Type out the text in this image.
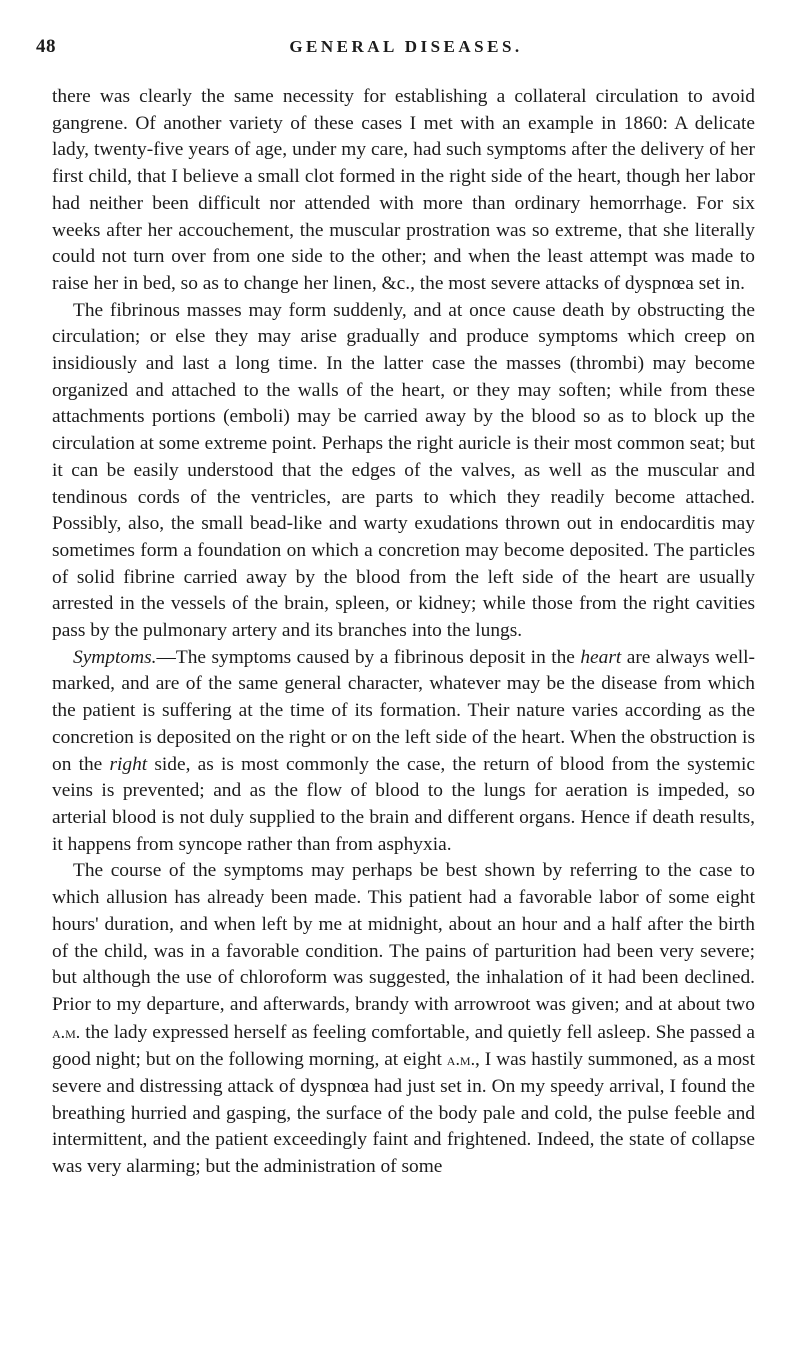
48	GENERAL DISEASES.

there was clearly the same necessity for establishing a collateral circulation to avoid gangrene. Of another variety of these cases I met with an example in 1860: A delicate lady, twenty-five years of age, under my care, had such symptoms after the delivery of her first child, that I believe a small clot formed in the right side of the heart, though her labor had neither been difficult nor attended with more than ordinary hemorrhage. For six weeks after her accouchement, the muscular prostration was so extreme, that she literally could not turn over from one side to the other; and when the least attempt was made to raise her in bed, so as to change her linen, &c., the most severe attacks of dyspnœa set in.

The fibrinous masses may form suddenly, and at once cause death by obstructing the circulation; or else they may arise gradually and produce symptoms which creep on insidiously and last a long time. In the latter case the masses (thrombi) may become organized and attached to the walls of the heart, or they may soften; while from these attachments portions (emboli) may be carried away by the blood so as to block up the circulation at some extreme point. Perhaps the right auricle is their most common seat; but it can be easily understood that the edges of the valves, as well as the muscular and tendinous cords of the ventricles, are parts to which they readily become attached. Possibly, also, the small bead-like and warty exudations thrown out in endocarditis may sometimes form a foundation on which a concretion may become deposited. The particles of solid fibrine carried away by the blood from the left side of the heart are usually arrested in the vessels of the brain, spleen, or kidney; while those from the right cavities pass by the pulmonary artery and its branches into the lungs.

Symptoms.—The symptoms caused by a fibrinous deposit in the heart are always well-marked, and are of the same general character, whatever may be the disease from which the patient is suffering at the time of its formation. Their nature varies according as the concretion is deposited on the right or on the left side of the heart. When the obstruction is on the right side, as is most commonly the case, the return of blood from the systemic veins is prevented; and as the flow of blood to the lungs for aeration is impeded, so arterial blood is not duly supplied to the brain and different organs. Hence if death results, it happens from syncope rather than from asphyxia.

The course of the symptoms may perhaps be best shown by referring to the case to which allusion has already been made. This patient had a favorable labor of some eight hours' duration, and when left by me at midnight, about an hour and a half after the birth of the child, was in a favorable condition. The pains of parturition had been very severe; but although the use of chloroform was suggested, the inhalation of it had been declined. Prior to my departure, and afterwards, brandy with arrowroot was given; and at about two a.m. the lady expressed herself as feeling comfortable, and quietly fell asleep. She passed a good night; but on the following morning, at eight a.m., I was hastily summoned, as a most severe and distressing attack of dyspnœa had just set in. On my speedy arrival, I found the breathing hurried and gasping, the surface of the body pale and cold, the pulse feeble and intermittent, and the patient exceedingly faint and frightened. Indeed, the state of collapse was very alarming; but the administration of some
